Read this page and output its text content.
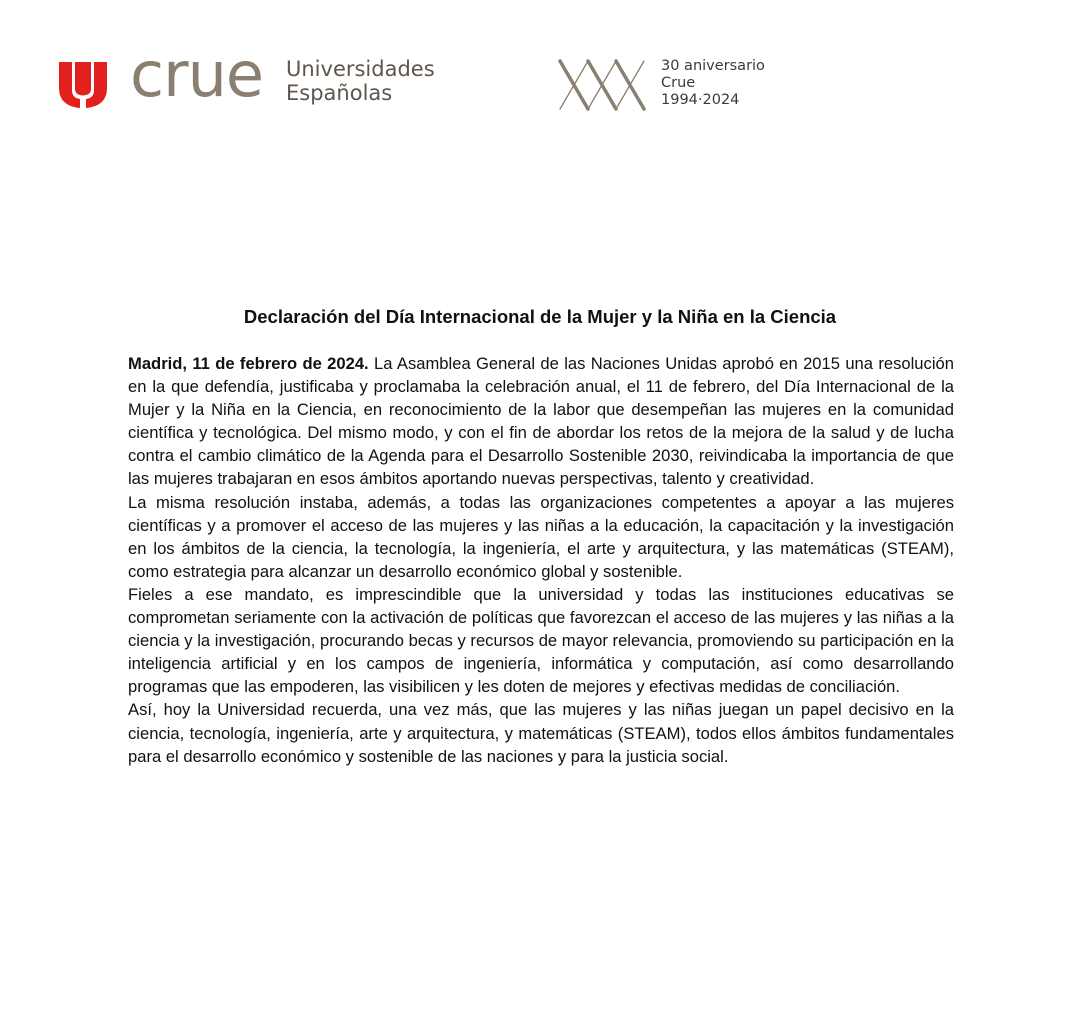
crue Universidades
Españolas
30 aniversario
Crue
1994·2024
Declaración del Día Internacional de la Mujer y la Niña en la Ciencia

Madrid, 11 de febrero de 2024. La Asamblea General de las Naciones Unidas aprobó en 2015 una resolución en la que defendía, justificaba y proclamaba la celebración anual, el 11 de febrero, del Día Internacional de la Mujer y la Niña en la Ciencia, en reconocimiento de la labor que desempeñan las mujeres en la comunidad científica y tecnológica. Del mismo modo, y con el fin de abordar los retos de la mejora de la salud y de lucha contra el cambio climático de la Agenda para el Desarrollo Sostenible 2030, reivindicaba la importancia de que las mujeres trabajaran en esos ámbitos aportando nuevas perspectivas, talento y creatividad.

La misma resolución instaba, además, a todas las organizaciones competentes a apoyar a las mujeres científicas y a promover el acceso de las mujeres y las niñas a la educación, la capacitación y la investigación en los ámbitos de la ciencia, la tecnología, la ingeniería, el arte y arquitectura, y las matemáticas (STEAM), como estrategia para alcanzar un desarrollo económico global y sostenible.

Fieles a ese mandato, es imprescindible que la universidad y todas las instituciones educativas se comprometan seriamente con la activación de políticas que favorezcan el acceso de las mujeres y las niñas a la ciencia y la investigación, procurando becas y recursos de mayor relevancia, promoviendo su participación en la inteligencia artificial y en los campos de ingeniería, informática y computación, así como desarrollando programas que las empoderen, las visibilicen y les doten de mejores y efectivas medidas de conciliación.

Así, hoy la Universidad recuerda, una vez más, que las mujeres y las niñas juegan un papel decisivo en la ciencia, tecnología, ingeniería, arte y arquitectura, y matemáticas (STEAM), todos ellos ámbitos fundamentales para el desarrollo económico y sostenible de las naciones y para la justicia social.
